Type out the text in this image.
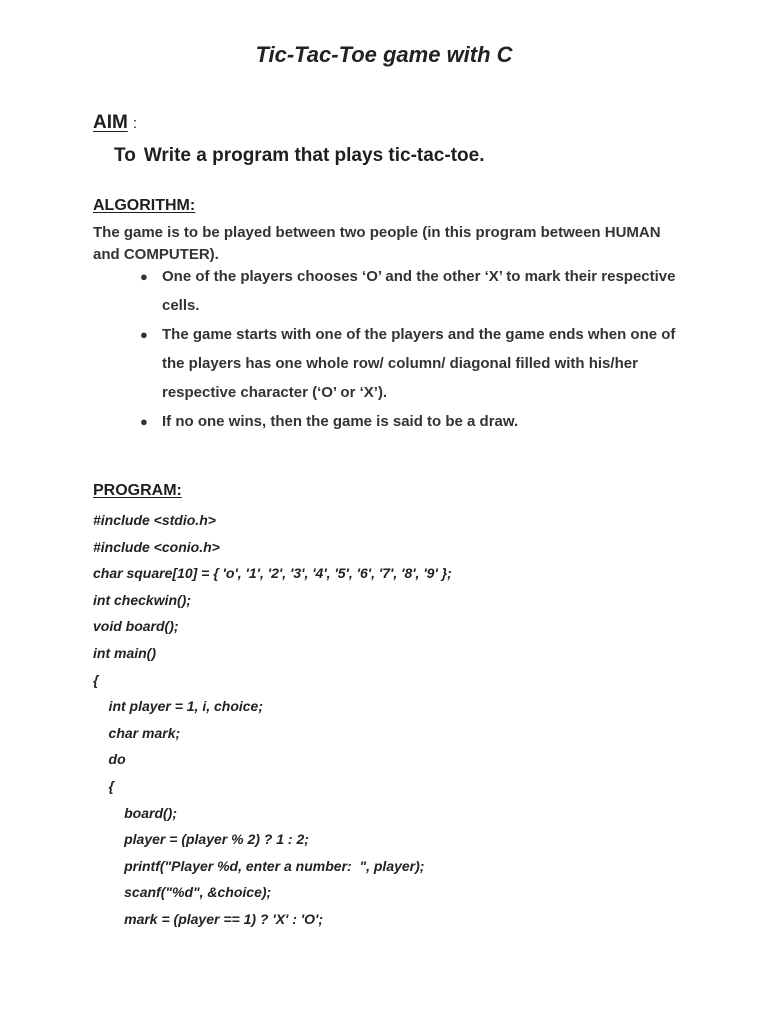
Tic-Tac-Toe game with C
AIM :
To Write a program that plays tic-tac-toe.
ALGORITHM:
The game is to be played between two people (in this program between HUMAN and COMPUTER).
● One of the players chooses ‘O’ and the other ‘X’ to mark their respective cells.
● The game starts with one of the players and the game ends when one of the players has one whole row/ column/ diagonal filled with his/her respective character (‘O’ or ‘X’).
● If no one wins, then the game is said to be a draw.
PROGRAM:
#include <stdio.h>
#include <conio.h>
char square[10] = { 'o', '1', '2', '3', '4', '5', '6', '7', '8', '9' };
int checkwin();
void board();
int main()
{
int player = 1, i, choice;
char mark;
do
{
board();
player = (player % 2) ? 1 : 2;
printf("Player %d, enter a number:  ", player);
scanf("%d", &choice);
mark = (player == 1) ? 'X' : 'O';
